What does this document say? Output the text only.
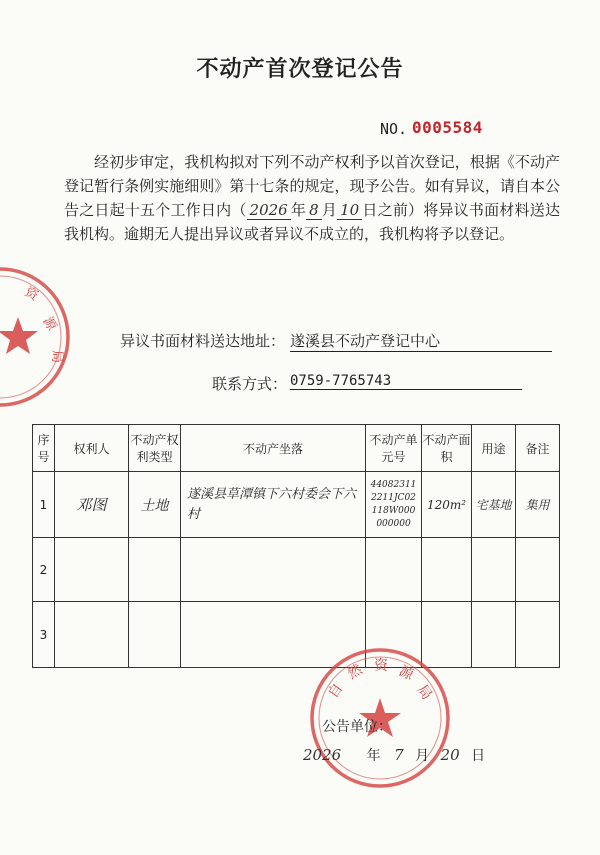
资
源
局
不动产首次登记公告
NO. 0005584
经初步审定，我机构拟对下列不动产权利予以首次登记，根据《不动产登记暂行条例实施细则》第十七条的规定，现予公告。如有异议，请自本公告之日起十五个工作日内（ 2026 年 8 月 10 日之前）将异议书面材料送达我机构。逾期无人提出异议或者异议不成立的，我机构将予以登记。
异议书面材料送达地址： 遂溪县不动产登记中心
联系方式： 0759-7765743
序号	权利人	不动产权利类型	不动产坐落	不动产单元号	不动产面 积	用途	备注
1	邓图	土地	遂溪县草潭镇下六村委会下六村	440823112211JC02118W000000000	120m²	宅基地	集用
2							
3							
自
然 资 源
局
公告单位：
2026 年 7 月 20 日
